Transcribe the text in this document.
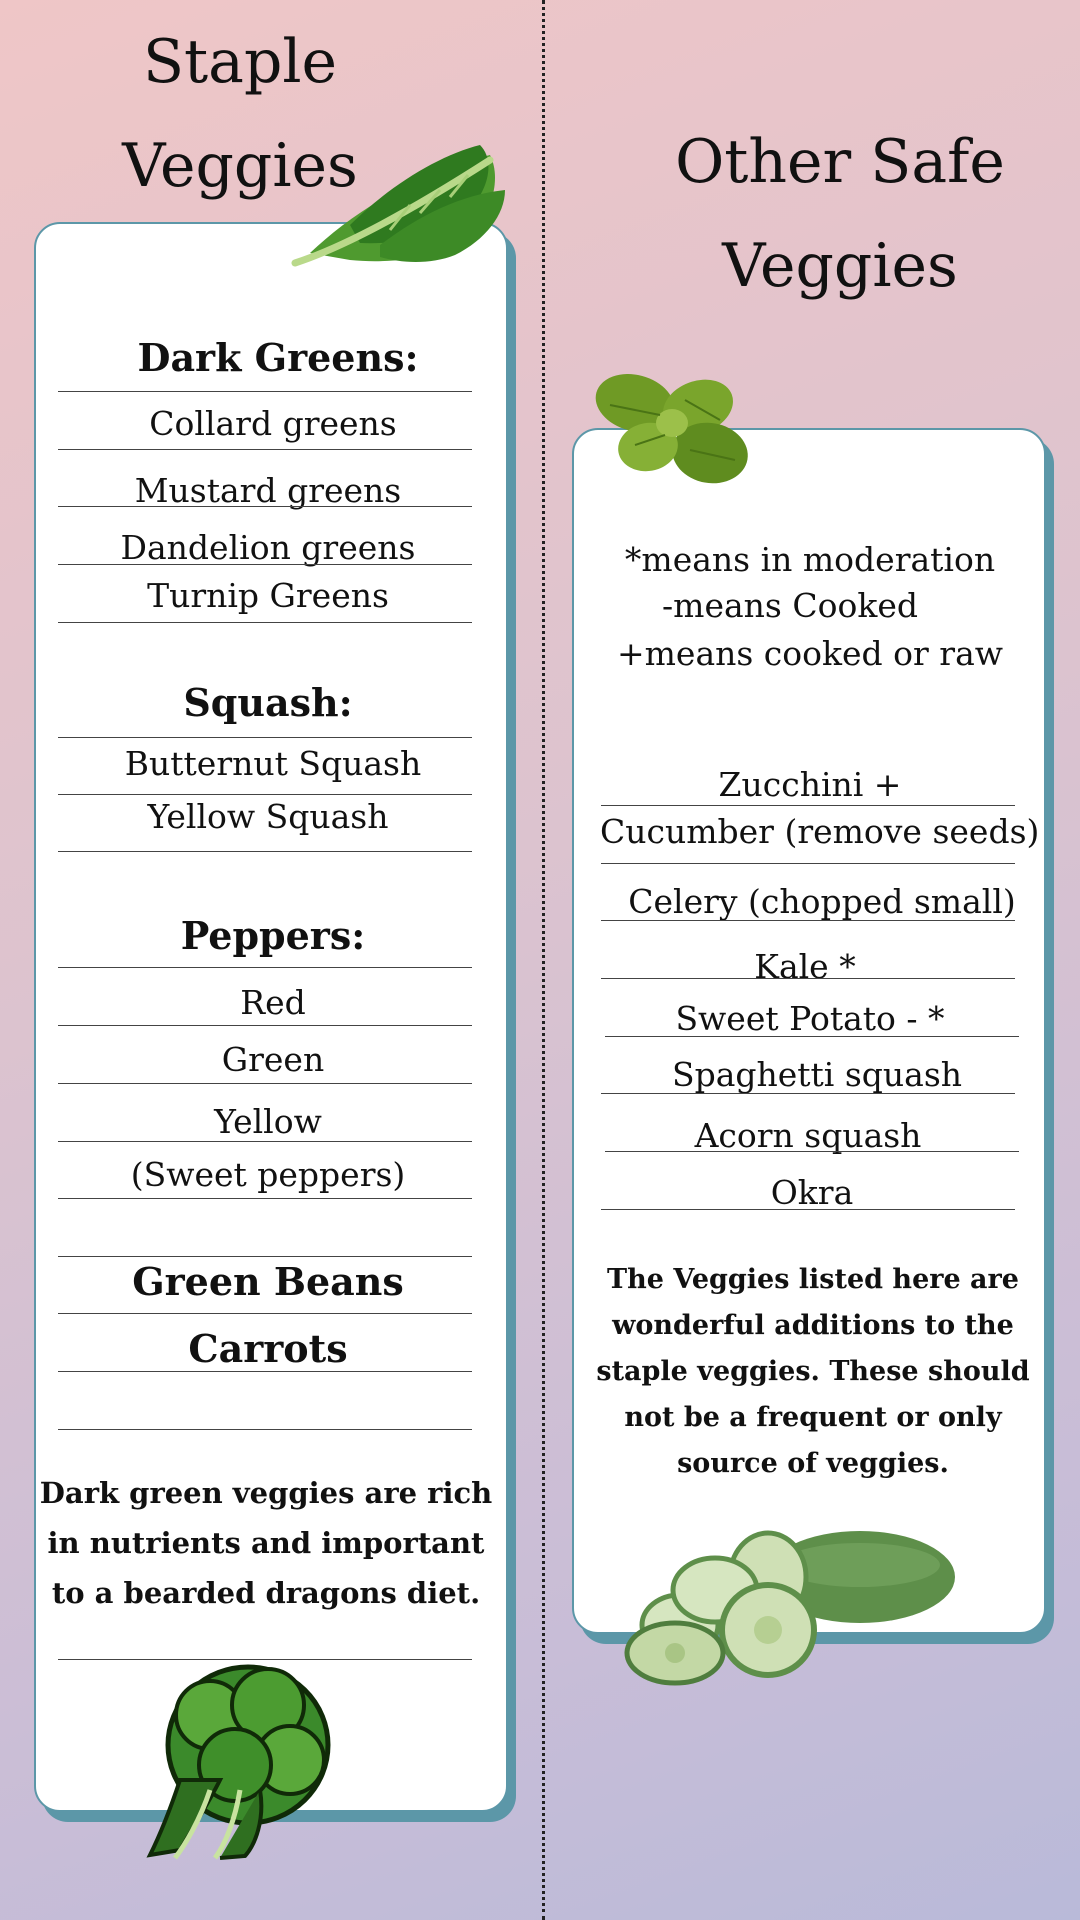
Staple
Veggies
Dark Greens:
Collard greens
Mustard greens
Dandelion greens
Turnip Greens
Squash:
Butternut Squash
Yellow Squash
Peppers:
Red
Green
Yellow
(Sweet peppers)
Green Beans
Carrots
Dark green veggies are rich in nutrients and important to a bearded dragons diet.
Other Safe
Veggies
*means in moderation
-means Cooked
+means cooked or raw
Zucchini +
Cucumber (remove seeds)
Celery (chopped small)
Kale *
Sweet Potato - *
Spaghetti squash
Acorn squash
Okra
The Veggies listed here are wonderful additions to the staple veggies. These should not be a frequent or only source of veggies.
